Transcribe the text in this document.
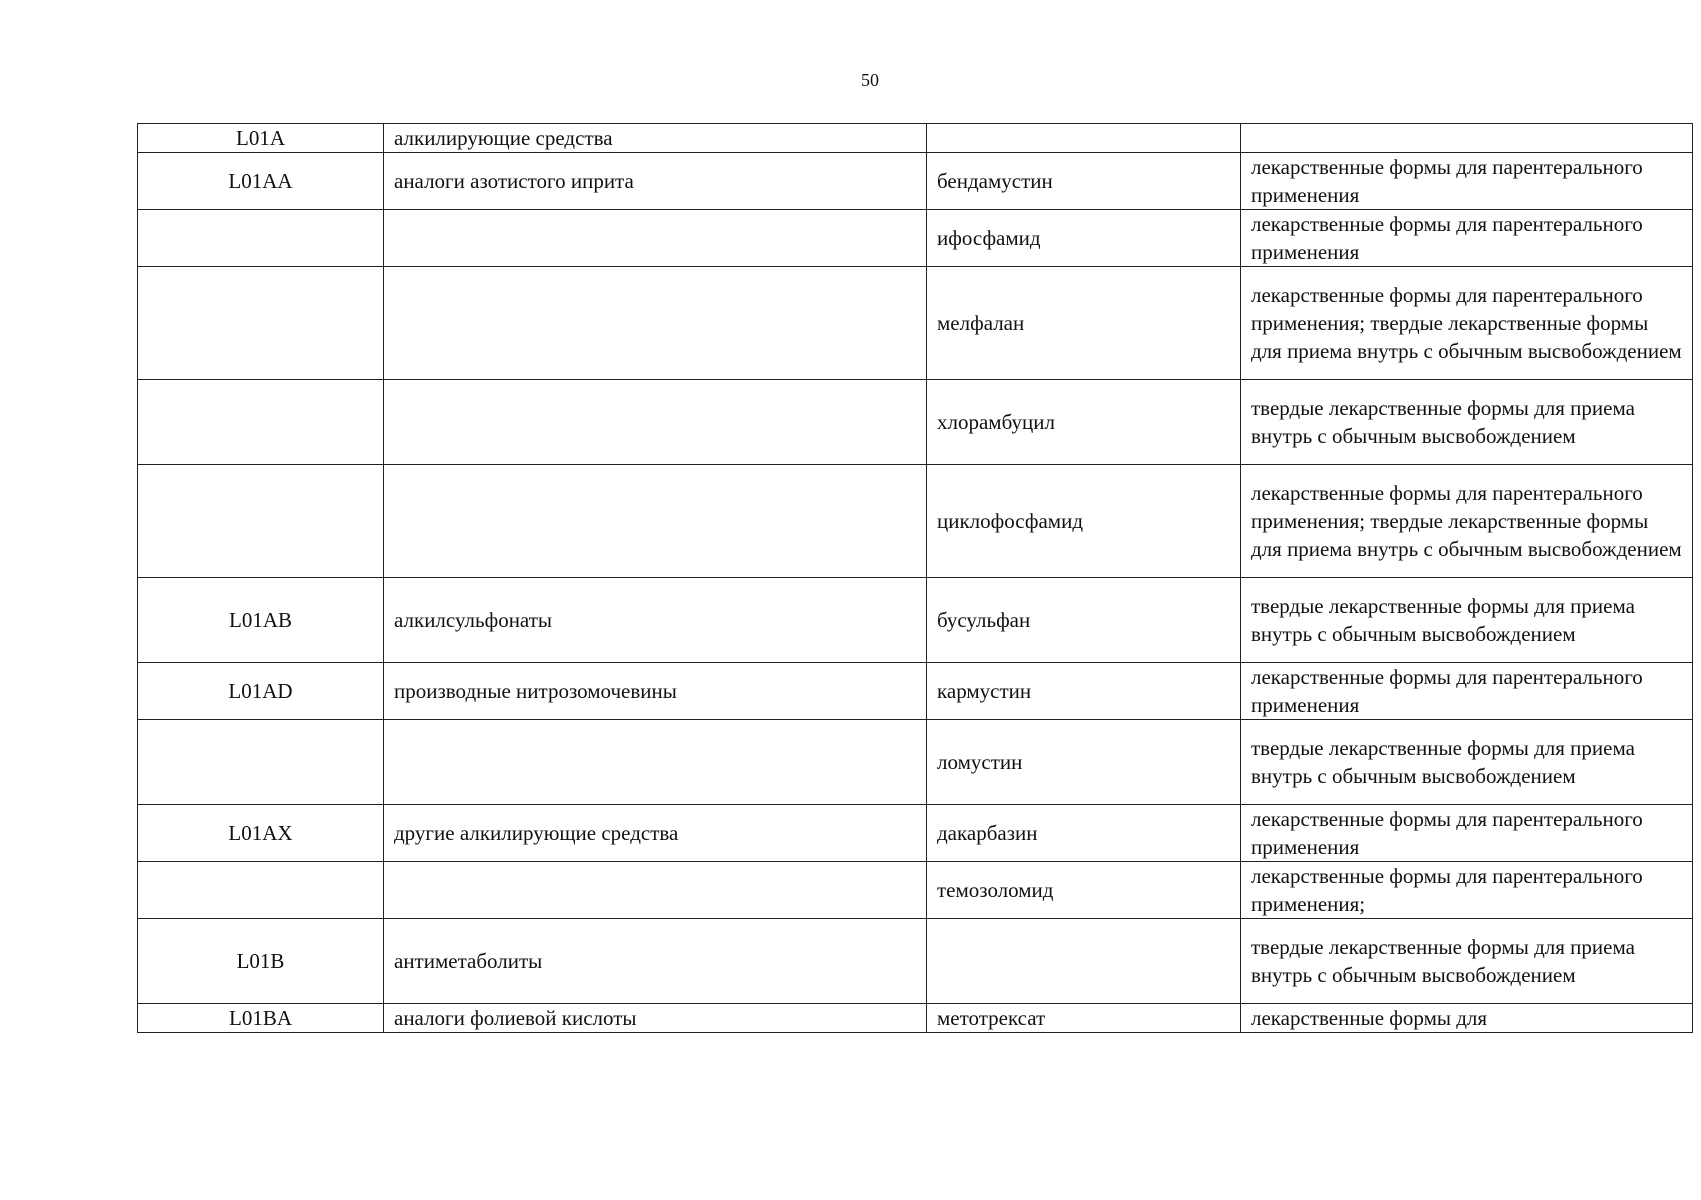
50
L01A	алкилирующие средства		
L01AA	аналоги азотистого иприта	бендамустин	лекарственные формы для парентерального применения
		ифосфамид	лекарственные формы для парентерального применения
		мелфалан	лекарственные формы для парентерального применения; твердые лекарственные формы для приема внутрь с обычным высвобождением
		хлорамбуцил	твердые лекарственные формы для приема внутрь с обычным высвобождением
		циклофосфамид	лекарственные формы для парентерального применения; твердые лекарственные формы для приема внутрь с обычным высвобождением
L01AB	алкилсульфонаты	бусульфан	твердые лекарственные формы для приема внутрь с обычным высвобождением
L01AD	производные нитрозомочевины	кармустин	лекарственные формы для парентерального применения
		ломустин	твердые лекарственные формы для приема внутрь с обычным высвобождением
L01AX	другие алкилирующие средства	дакарбазин	лекарственные формы для парентерального применения
		темозоломид	лекарственные формы для парентерального применения;
L01B	антиметаболиты		твердые лекарственные формы для приема внутрь с обычным высвобождением
L01BA	аналоги фолиевой кислоты	метотрексат	лекарственные формы для
